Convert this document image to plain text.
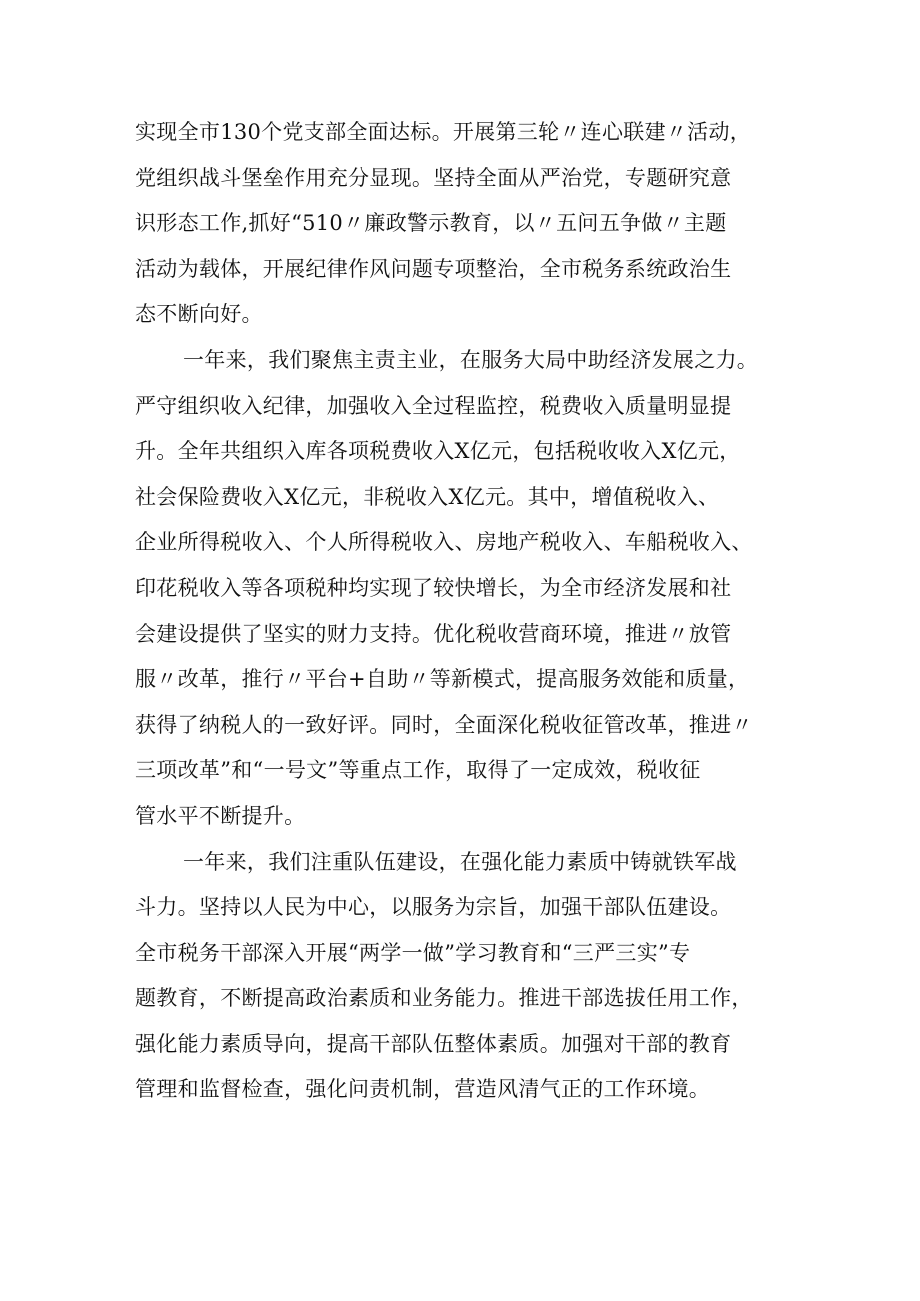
实现全市130个党支部全面达标。开展第三轮〃连心联建〃活动，
党组织战斗堡垒作用充分显现。坚持全面从严治党，专题研究意
识形态工作,抓好“510〃廉政警示教育，以〃五问五争做〃主题
活动为载体，开展纪律作风问题专项整治，全市税务系统政治生
态不断向好。
一年来，我们聚焦主责主业，在服务大局中助经济发展之力。
严守组织收入纪律，加强收入全过程监控，税费收入质量明显提
升。全年共组织入库各项税费收入X亿元，包括税收收入X亿元，
社会保险费收入X亿元，非税收入X亿元。其中，增值税收入、
企业所得税收入、个人所得税收入、房地产税收入、车船税收入、
印花税收入等各项税种均实现了较快增长，为全市经济发展和社
会建设提供了坚实的财力支持。优化税收营商环境，推进〃放管
服〃改革，推行〃平台+自助〃等新模式，提高服务效能和质量，
获得了纳税人的一致好评。同时，全面深化税收征管改革，推进〃
三项改革”和“一号文”等重点工作，取得了一定成效，税收征
管水平不断提升。
一年来，我们注重队伍建设，在强化能力素质中铸就铁军战
斗力。坚持以人民为中心，以服务为宗旨，加强干部队伍建设。
全市税务干部深入开展“两学一做”学习教育和“三严三实”专
题教育，不断提高政治素质和业务能力。推进干部选拔任用工作，
强化能力素质导向，提高干部队伍整体素质。加强对干部的教育
管理和监督检查，强化问责机制，营造风清气正的工作环境。
